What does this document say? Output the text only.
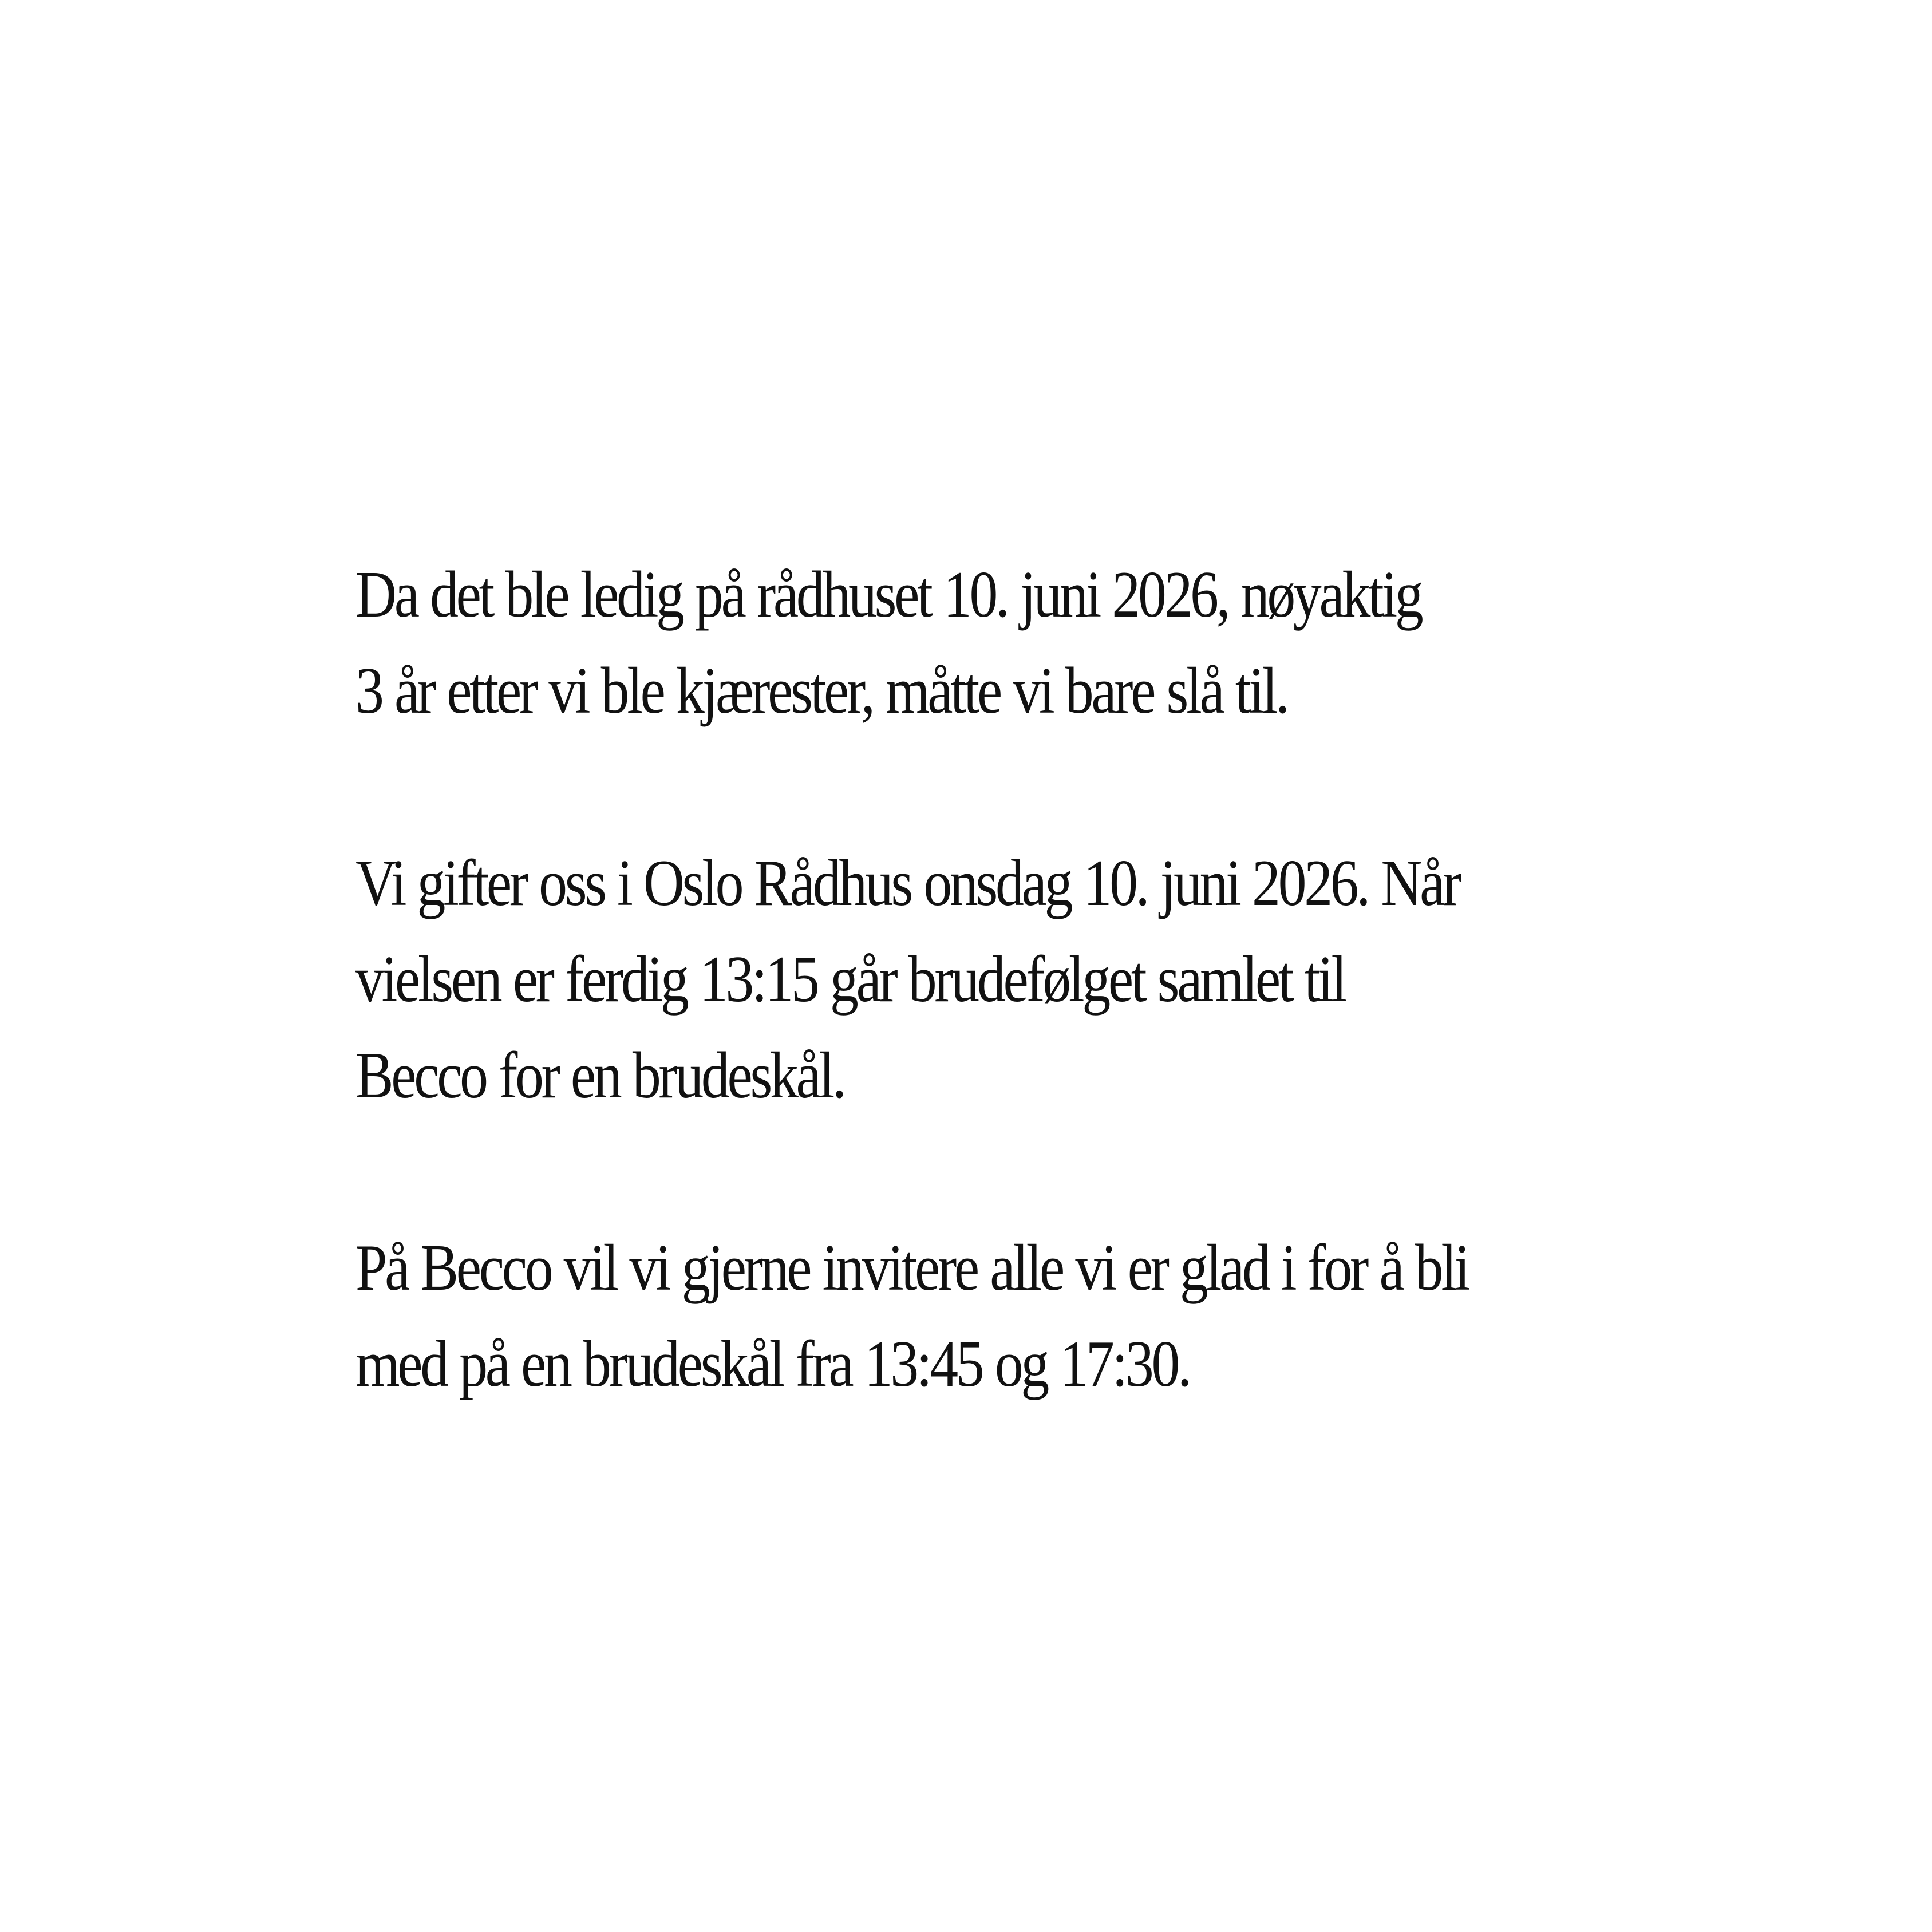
Da det ble ledig på rådhuset 10. juni 2026, nøyaktig
3 år etter vi ble kjærester, måtte vi bare slå til.
Vi gifter oss i Oslo Rådhus onsdag 10. juni 2026. Når
vielsen er ferdig 13:15 går brudefølget samlet til
Becco for en brudeskål.
På Becco vil vi gjerne invitere alle vi er glad i for å bli
med på en brudeskål fra 13:45 og 17:30.
